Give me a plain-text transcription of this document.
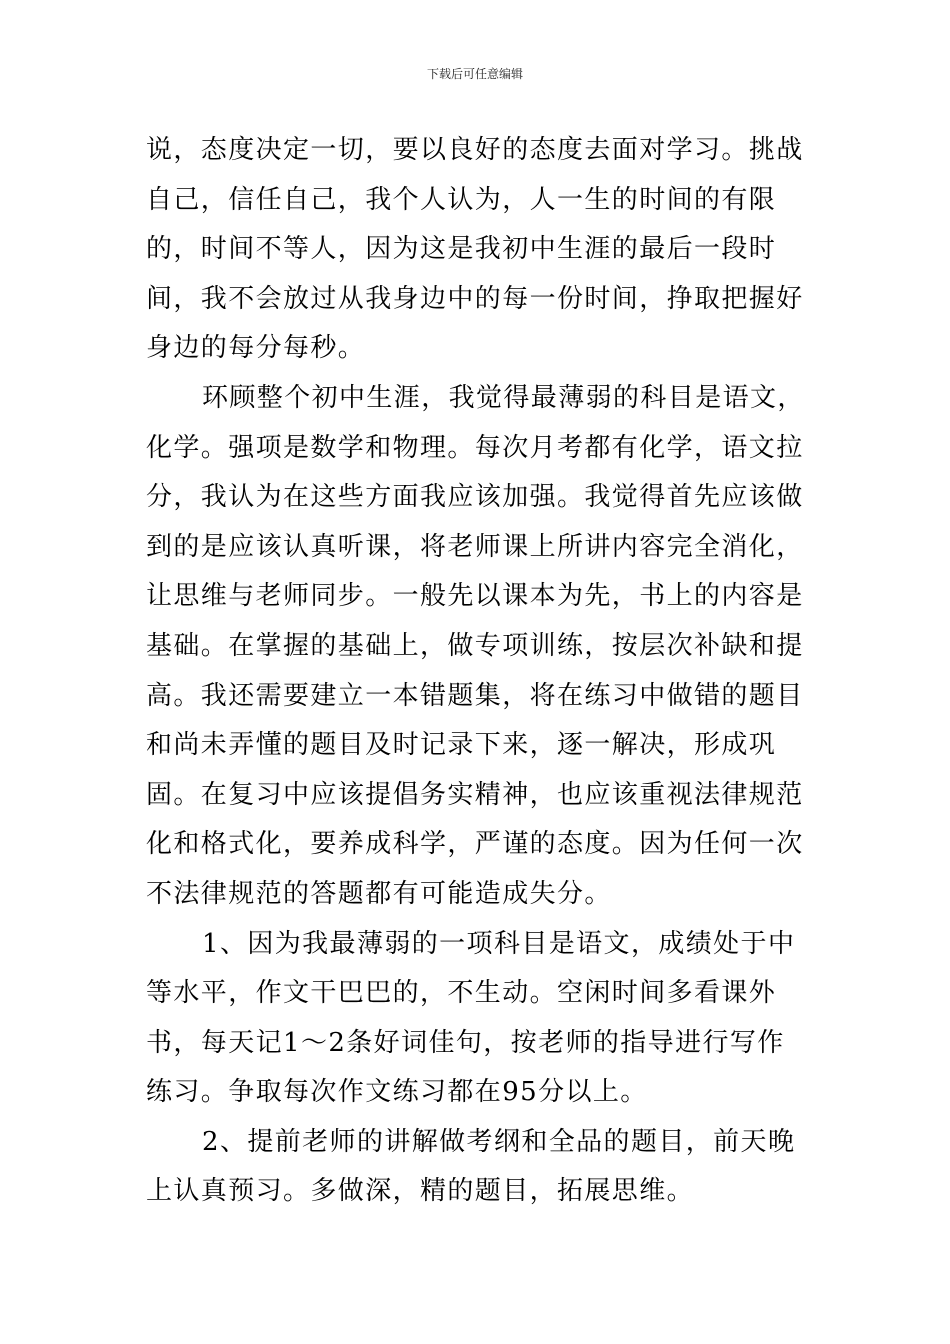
下载后可任意编辑

说，态度决定一切，要以良好的态度去面对学习。挑战自己，信任自己，我个人认为，人一生的时间的有限的，时间不等人，因为这是我初中生涯的最后一段时间，我不会放过从我身边中的每一份时间，挣取把握好身边的每分每秒。

环顾整个初中生涯，我觉得最薄弱的科目是语文，化学。强项是数学和物理。每次月考都有化学，语文拉分，我认为在这些方面我应该加强。我觉得首先应该做到的是应该认真听课，将老师课上所讲内容完全消化，让思维与老师同步。一般先以课本为先，书上的内容是基础。在掌握的基础上，做专项训练，按层次补缺和提高。我还需要建立一本错题集，将在练习中做错的题目和尚未弄懂的题目及时记录下来，逐一解决，形成巩固。在复习中应该提倡务实精神，也应该重视法律规范化和格式化，要养成科学，严谨的态度。因为任何一次不法律规范的答题都有可能造成失分。

1、因为我最薄弱的一项科目是语文，成绩处于中等水平，作文干巴巴的，不生动。空闲时间多看课外书，每天记1～2条好词佳句，按老师的指导进行写作练习。争取每次作文练习都在95分以上。

2、提前老师的讲解做考纲和全品的题目，前天晚上认真预习。多做深，精的题目，拓展思维。
